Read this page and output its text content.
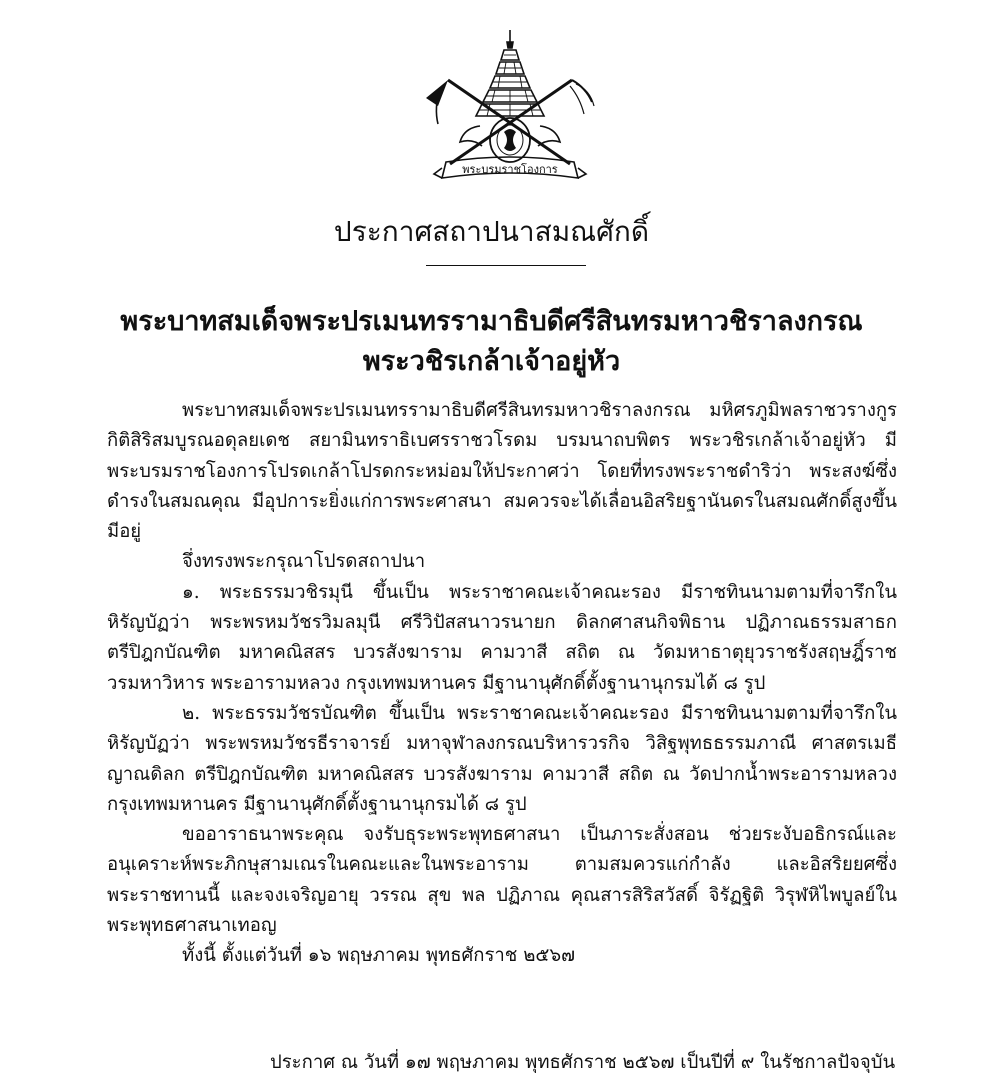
พระบรมราชโองการ
ประกาศสถาปนาสมณศักดิ์
พระบาทสมเด็จพระปรเมนทรรามาธิบดีศรีสินทรมหาวชิราลงกรณ
พระวชิรเกล้าเจ้าอยู่หัว

พระบาทสมเด็จพระปรเมนทรรามาธิบดีศรีสินทรมหาวชิราลงกรณ มหิศรภูมิพลราชวรางกูร กิติสิริสมบูรณอดุลยเดช สยามินทราธิเบศรราชวโรดม บรมนาถบพิตร พระวชิรเกล้าเจ้าอยู่หัว มีพระบรมราชโองการโปรดเกล้าโปรดกระหม่อมให้ประกาศว่า โดยที่ทรงพระราชดำริว่า พระสงฆ์ซึ่งดำรงในสมณคุณ มีอุปการะยิ่งแก่การพระศาสนา สมควรจะได้เลื่อนอิสริยฐานันดรในสมณศักดิ์สูงขึ้นมีอยู่

จึ่งทรงพระกรุณาโปรดสถาปนา

๑. พระธรรมวชิรมุนี ขึ้นเป็น พระราชาคณะเจ้าคณะรอง มีราชทินนามตามที่จารึกในหิรัญบัฏว่า พระพรหมวัชรวิมลมุนี ศรีวิปัสสนาวรนายก ดิลกศาสนกิจพิธาน ปฏิภาณธรรมสาธก ตรีปิฎกบัณฑิต มหาคณิสสร บวรสังฆาราม คามวาสี สถิต ณ วัดมหาธาตุยุวราชรังสฤษฎิ์ราชวรมหาวิหาร พระอารามหลวง กรุงเทพมหานคร มีฐานานุศักดิ์ตั้งฐานานุกรมได้ ๘ รูป

๒. พระธรรมวัชรบัณฑิต ขึ้นเป็น พระราชาคณะเจ้าคณะรอง มีราชทินนามตามที่จารึกในหิรัญบัฏว่า พระพรหมวัชรธีราจารย์ มหาจุฬาลงกรณบริหารวรกิจ วิสิฐพุทธธรรมภาณี ศาสตรเมธีญาณดิลก ตรีปิฎกบัณฑิต มหาคณิสสร บวรสังฆาราม คามวาสี สถิต ณ วัดปากน้ำพระอารามหลวง กรุงเทพมหานคร มีฐานานุศักดิ์ตั้งฐานานุกรมได้ ๘ รูป

ขออาราธนาพระคุณ จงรับธุระพระพุทธศาสนา เป็นภาระสั่งสอน ช่วยระงับอธิกรณ์และอนุเคราะห์พระภิกษุสามเณรในคณะและในพระอาราม ตามสมควรแก่กำลัง และอิสริยยศซึ่งพระราชทานนี้ และจงเจริญอายุ วรรณ สุข พล ปฏิภาณ คุณสารสิริสวัสดิ์ จิรัฏฐิติ วิรุฬหิไพบูลย์ในพระพุทธศาสนาเทอญ

ทั้งนี้ ตั้งแต่วันที่ ๑๖ พฤษภาคม พุทธศักราช ๒๕๖๗

ประกาศ ณ วันที่ ๑๗ พฤษภาคม พุทธศักราช ๒๕๖๗ เป็นปีที่ ๙ ในรัชกาลปัจจุบัน
